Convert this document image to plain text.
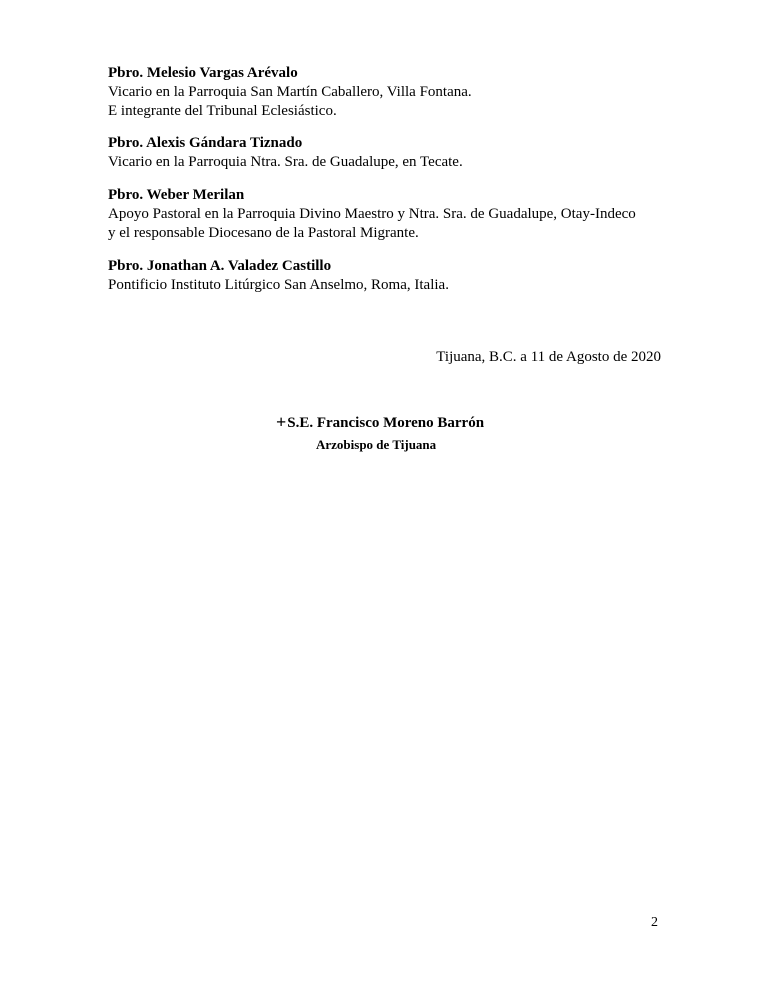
Pbro. Melesio Vargas Arévalo

Vicario en la Parroquia San Martín Caballero, Villa Fontana.

E integrante del Tribunal Eclesiástico.

Pbro. Alexis Gándara Tiznado

Vicario en la Parroquia Ntra. Sra. de Guadalupe, en Tecate.

Pbro. Weber Merilan

Apoyo Pastoral en la Parroquia Divino Maestro y Ntra. Sra. de Guadalupe, Otay-Indeco

y el responsable Diocesano de la Pastoral Migrante.

Pbro. Jonathan A. Valadez Castillo

Pontificio Instituto Litúrgico San Anselmo, Roma, Italia.

Tijuana, B.C. a 11 de Agosto de 2020
+S.E. Francisco Moreno Barrón
Arzobispo de Tijuana
2
